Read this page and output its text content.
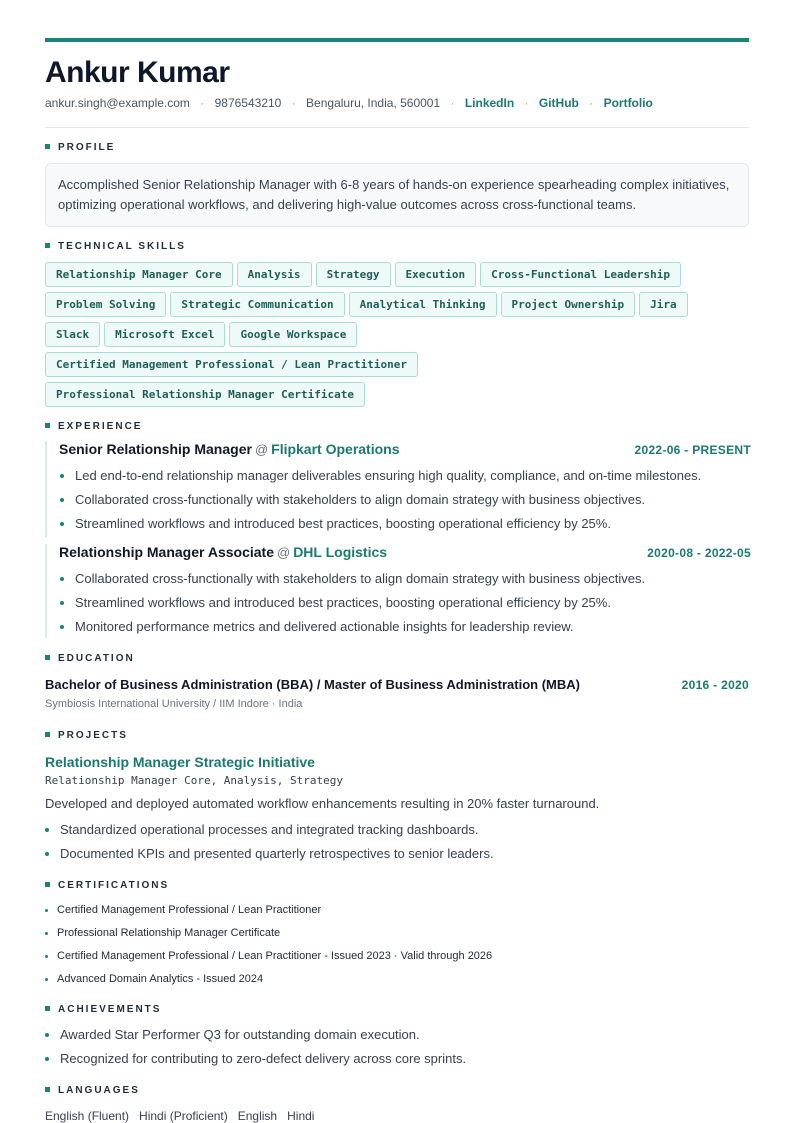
Ankur Kumar
ankur.singh@example.com · 9876543210 · Bengaluru, India, 560001 · LinkedIn · GitHub · Portfolio
PROFILE
Accomplished Senior Relationship Manager with 6-8 years of hands-on experience spearheading complex initiatives, optimizing operational workflows, and delivering high-value outcomes across cross-functional teams.
TECHNICAL SKILLS
Relationship Manager Core Analysis Strategy Execution Cross-Functional Leadership
Problem Solving Strategic Communication Analytical Thinking Project Ownership Jira
Slack Microsoft Excel Google Workspace
Certified Management Professional / Lean Practitioner
Professional Relationship Manager Certificate
EXPERIENCE
Senior Relationship Manager @ Flipkart Operations	2022-06 - PRESENT
Led end-to-end relationship manager deliverables ensuring high quality, compliance, and on-time milestones.
Collaborated cross-functionally with stakeholders to align domain strategy with business objectives.
Streamlined workflows and introduced best practices, boosting operational efficiency by 25%.
Relationship Manager Associate @ DHL Logistics	2020-08 - 2022-05
Collaborated cross-functionally with stakeholders to align domain strategy with business objectives.
Streamlined workflows and introduced best practices, boosting operational efficiency by 25%.
Monitored performance metrics and delivered actionable insights for leadership review.
EDUCATION
Bachelor of Business Administration (BBA) / Master of Business Administration (MBA)	2016 - 2020
Symbiosis International University / IIM Indore · India
PROJECTS
Relationship Manager Strategic Initiative
Relationship Manager Core, Analysis, Strategy
Developed and deployed automated workflow enhancements resulting in 20% faster turnaround.
Standardized operational processes and integrated tracking dashboards.
Documented KPIs and presented quarterly retrospectives to senior leaders.
CERTIFICATIONS
Certified Management Professional / Lean Practitioner
Professional Relationship Manager Certificate
Certified Management Professional / Lean Practitioner - Issued 2023 · Valid through 2026
Advanced Domain Analytics - Issued 2024
ACHIEVEMENTS
Awarded Star Performer Q3 for outstanding domain execution.
Recognized for contributing to zero-defect delivery across core sprints.
LANGUAGES
English (Fluent) Hindi (Proficient) English Hindi
